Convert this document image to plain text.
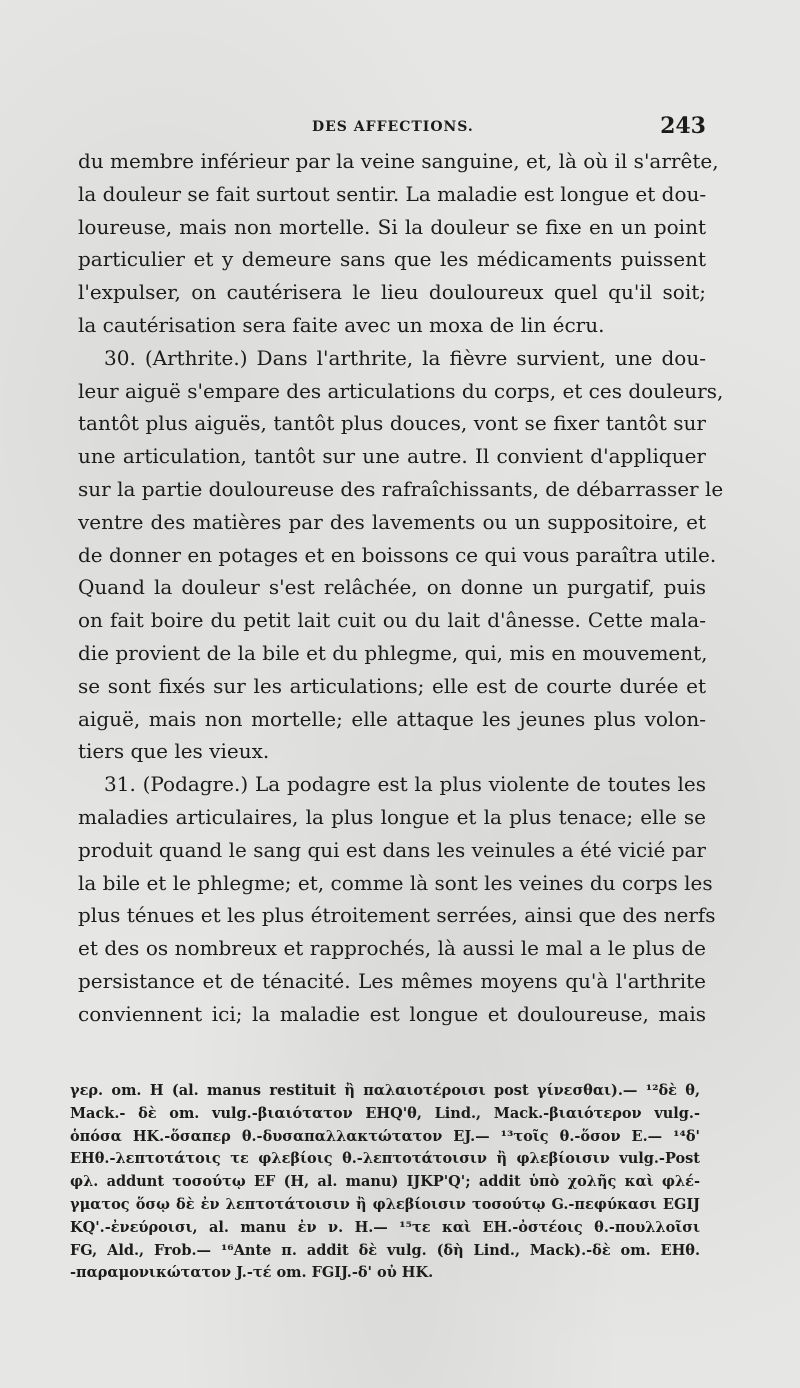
DES AFFECTIONS.	243
du membre inférieur par la veine sanguine, et, là où il s'arrête,
la douleur se fait surtout sentir. La maladie est longue et dou-
loureuse, mais non mortelle. Si la douleur se fixe en un point
particulier et y demeure sans que les médicaments puissent
l'expulser, on cautérisera le lieu douloureux quel qu'il soit;
la cautérisation sera faite avec un moxa de lin écru.
30. (Arthrite.) Dans l'arthrite, la fièvre survient, une dou-
leur aiguë s'empare des articulations du corps, et ces douleurs,
tantôt plus aiguës, tantôt plus douces, vont se fixer tantôt sur
une articulation, tantôt sur une autre. Il convient d'appliquer
sur la partie douloureuse des rafraîchissants, de débarrasser le
ventre des matières par des lavements ou un suppositoire, et
de donner en potages et en boissons ce qui vous paraîtra utile.
Quand la douleur s'est relâchée, on donne un purgatif, puis
on fait boire du petit lait cuit ou du lait d'ânesse. Cette mala-
die provient de la bile et du phlegme, qui, mis en mouvement,
se sont fixés sur les articulations; elle est de courte durée et
aiguë, mais non mortelle; elle attaque les jeunes plus volon-
tiers que les vieux.
31. (Podagre.) La podagre est la plus violente de toutes les
maladies articulaires, la plus longue et la plus tenace; elle se
produit quand le sang qui est dans les veinules a été vicié par
la bile et le phlegme; et, comme là sont les veines du corps les
plus ténues et les plus étroitement serrées, ainsi que des nerfs
et des os nombreux et rapprochés, là aussi le mal a le plus de
persistance et de ténacité. Les mêmes moyens qu'à l'arthrite
conviennent ici; la maladie est longue et douloureuse, mais
γερ. om. H (al. manus restituit ἢ παλαιοτέροισι post γίνεσθαι).— ¹²δὲ θ,
Mack.- δὲ om. vulg.-βιαιότατον EHQ'θ, Lind., Mack.-βιαιότερον vulg.-
ὁπόσα HK.-ὅσαπερ θ.-δυσαπαλλακτώτατον EJ.— ¹³τοῖς θ.-ὅσον E.— ¹⁴δ'
EHθ.-λεπτοτάτοις τε φλεβίοις θ.-λεπτοτάτοισιν ἢ φλεβίοισιν vulg.-Post
φλ. addunt τοσούτῳ EF (H, al. manu) IJKP'Q'; addit ὑπὸ χολῆς καὶ φλέ-
γματος ὅσῳ δὲ ἐν λεπτοτάτοισιν ἢ φλεβίοισιν τοσούτῳ G.-πεφύκασι EGIJ
KQ'.-ἐνεύροισι, al. manu ἐν ν. H.— ¹⁵τε καὶ EH.-ὀστέοις θ.-πουλλοῖσι
FG, Ald., Frob.— ¹⁶Ante π. addit δὲ vulg. (δὴ Lind., Mack).-δὲ om. EHθ.
-παραμονικώτατον J.-τέ om. FGIJ.-δ' οὐ HK.
